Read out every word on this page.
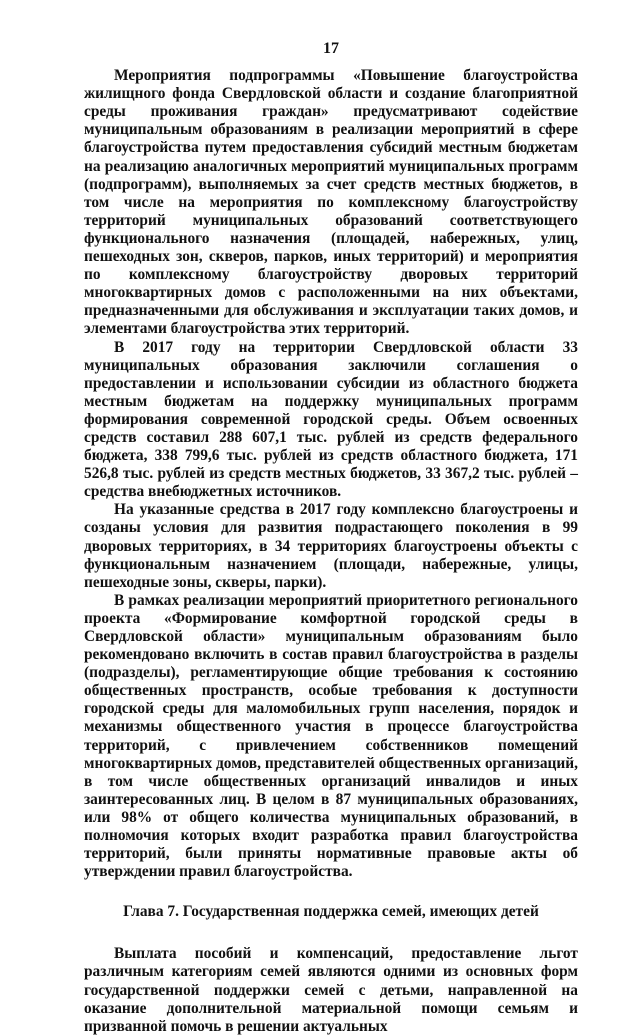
17

Мероприятия подпрограммы «Повышение благоустройства жилищного фонда Свердловской области и создание благоприятной среды проживания граждан» предусматривают содействие муниципальным образованиям в реализации мероприятий в сфере благоустройства путем предоставления субсидий местным бюджетам на реализацию аналогичных мероприятий муниципальных программ (подпрограмм), выполняемых за счет средств местных бюджетов, в том числе на мероприятия по комплексному благоустройству территорий муниципальных образований соответствующего функционального назначения (площадей, набережных, улиц, пешеходных зон, скверов, парков, иных территорий) и мероприятия по комплексному благоустройству дворовых территорий многоквартирных домов с расположенными на них объектами, предназначенными для обслуживания и эксплуатации таких домов, и элементами благоустройства этих территорий.

В 2017 году на территории Свердловской области 33 муниципальных образования заключили соглашения о предоставлении и использовании субсидии из областного бюджета местным бюджетам на поддержку муниципальных программ формирования современной городской среды. Объем освоенных средств составил 288 607,1 тыс. рублей из средств федерального бюджета, 338 799,6 тыс. рублей из средств областного бюджета, 171 526,8 тыс. рублей из средств местных бюджетов, 33 367,2 тыс. рублей – средства внебюджетных источников.

На указанные средства в 2017 году комплексно благоустроены и созданы условия для развития подрастающего поколения в 99 дворовых территориях, в 34 территориях благоустроены объекты с функциональным назначением (площади, набережные, улицы, пешеходные зоны, скверы, парки).

В рамках реализации мероприятий приоритетного регионального проекта «Формирование комфортной городской среды в Свердловской области» муниципальным образованиям было рекомендовано включить в состав правил благоустройства в разделы (подразделы), регламентирующие общие требования к состоянию общественных пространств, особые требования к доступности городской среды для маломобильных групп населения, порядок и механизмы общественного участия в процессе благоустройства территорий, с привлечением собственников помещений многоквартирных домов, представителей общественных организаций, в том числе общественных организаций инвалидов и иных заинтересованных лиц. В целом в 87 муниципальных образованиях, или 98% от общего количества муниципальных образований, в полномочия которых входит разработка правил благоустройства территорий, были приняты нормативные правовые акты об утверждении правил благоустройства.

Глава 7. Государственная поддержка семей, имеющих детей

Выплата пособий и компенсаций, предоставление льгот различным категориям семей являются одними из основных форм государственной поддержки семей с детьми, направленной на оказание дополнительной материальной помощи семьям и призванной помочь в решении актуальных
